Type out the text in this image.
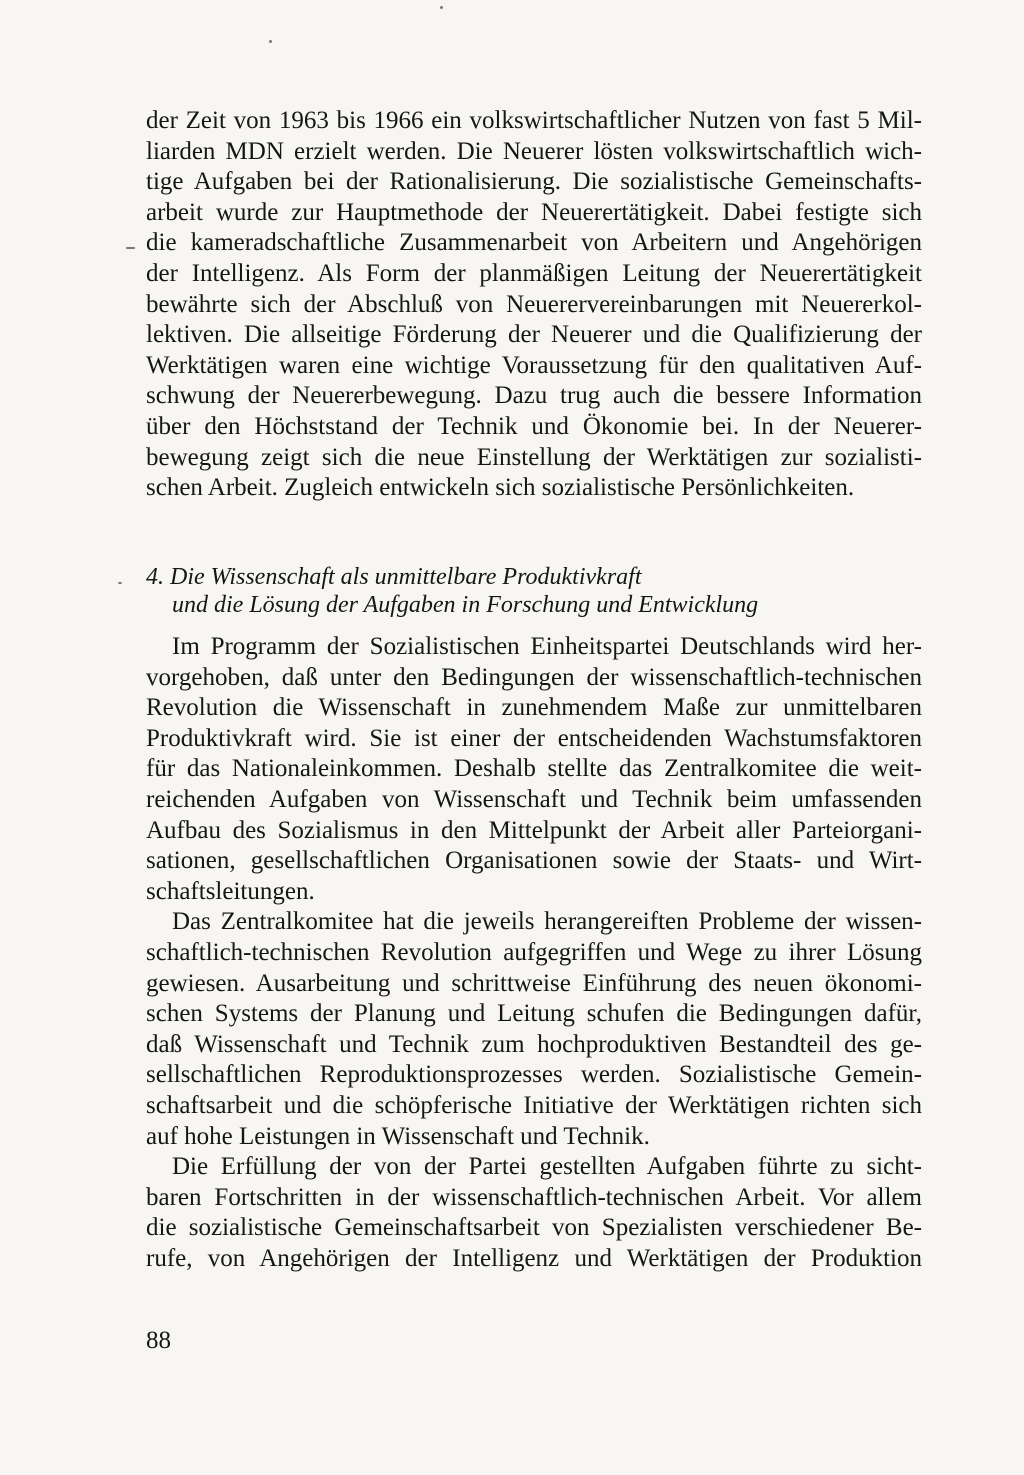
der Zeit von 1963 bis 1966 ein volkswirtschaftlicher Nutzen von fast 5 Mil-
liarden MDN erzielt werden. Die Neuerer lösten volkswirtschaftlich wich-
tige Aufgaben bei der Rationalisierung. Die sozialistische Gemeinschafts-
arbeit wurde zur Hauptmethode der Neuerertätigkeit. Dabei festigte sich
die kameradschaftliche Zusammenarbeit von Arbeitern und Angehörigen
der Intelligenz. Als Form der planmäßigen Leitung der Neuerertätigkeit
bewährte sich der Abschluß von Neuerervereinbarungen mit Neuererkol-
lektiven. Die allseitige Förderung der Neuerer und die Qualifizierung der
Werktätigen waren eine wichtige Voraussetzung für den qualitativen Auf-
schwung der Neuererbewegung. Dazu trug auch die bessere Information
über den Höchststand der Technik und Ökonomie bei. In der Neuerer-
bewegung zeigt sich die neue Einstellung der Werktätigen zur sozialisti-
schen Arbeit. Zugleich entwickeln sich sozialistische Persönlichkeiten.
4. Die Wissenschaft als unmittelbare Produktivkraft
und die Lösung der Aufgaben in Forschung und Entwicklung
Im Programm der Sozialistischen Einheitspartei Deutschlands wird her-
vorgehoben, daß unter den Bedingungen der wissenschaftlich-technischen
Revolution die Wissenschaft in zunehmendem Maße zur unmittelbaren
Produktivkraft wird. Sie ist einer der entscheidenden Wachstumsfaktoren
für das Nationaleinkommen. Deshalb stellte das Zentralkomitee die weit-
reichenden Aufgaben von Wissenschaft und Technik beim umfassenden
Aufbau des Sozialismus in den Mittelpunkt der Arbeit aller Parteiorgani-
sationen, gesellschaftlichen Organisationen sowie der Staats- und Wirt-
schaftsleitungen.
Das Zentralkomitee hat die jeweils herangereiften Probleme der wissen-
schaftlich-technischen Revolution aufgegriffen und Wege zu ihrer Lösung
gewiesen. Ausarbeitung und schrittweise Einführung des neuen ökonomi-
schen Systems der Planung und Leitung schufen die Bedingungen dafür,
daß Wissenschaft und Technik zum hochproduktiven Bestandteil des ge-
sellschaftlichen Reproduktionsprozesses werden. Sozialistische Gemein-
schaftsarbeit und die schöpferische Initiative der Werktätigen richten sich
auf hohe Leistungen in Wissenschaft und Technik.
Die Erfüllung der von der Partei gestellten Aufgaben führte zu sicht-
baren Fortschritten in der wissenschaftlich-technischen Arbeit. Vor allem
die sozialistische Gemeinschaftsarbeit von Spezialisten verschiedener Be-
rufe, von Angehörigen der Intelligenz und Werktätigen der Produktion
88
